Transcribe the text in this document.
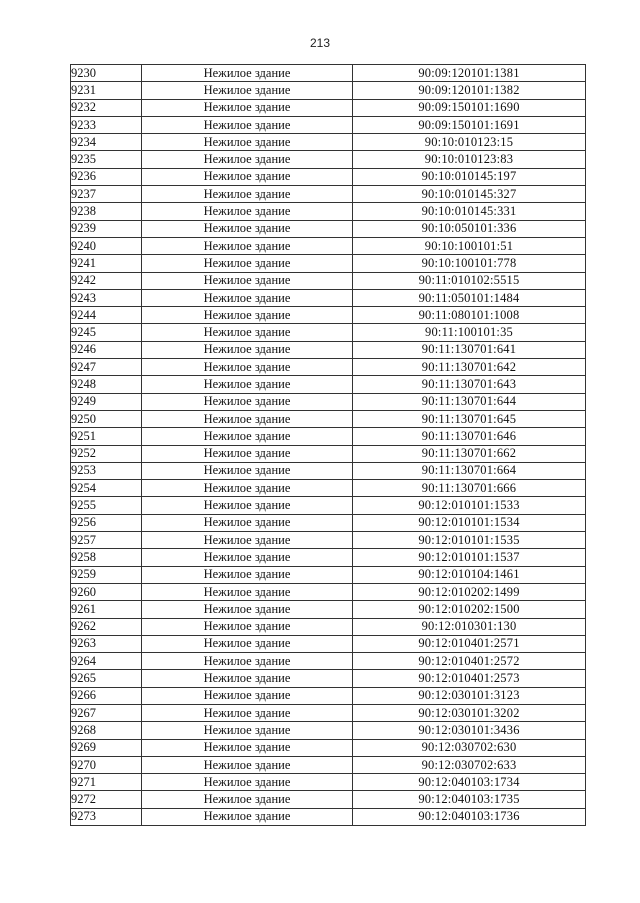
213
9230	Нежилое здание	90:09:120101:1381
9231	Нежилое здание	90:09:120101:1382
9232	Нежилое здание	90:09:150101:1690
9233	Нежилое здание	90:09:150101:1691
9234	Нежилое здание	90:10:010123:15
9235	Нежилое здание	90:10:010123:83
9236	Нежилое здание	90:10:010145:197
9237	Нежилое здание	90:10:010145:327
9238	Нежилое здание	90:10:010145:331
9239	Нежилое здание	90:10:050101:336
9240	Нежилое здание	90:10:100101:51
9241	Нежилое здание	90:10:100101:778
9242	Нежилое здание	90:11:010102:5515
9243	Нежилое здание	90:11:050101:1484
9244	Нежилое здание	90:11:080101:1008
9245	Нежилое здание	90:11:100101:35
9246	Нежилое здание	90:11:130701:641
9247	Нежилое здание	90:11:130701:642
9248	Нежилое здание	90:11:130701:643
9249	Нежилое здание	90:11:130701:644
9250	Нежилое здание	90:11:130701:645
9251	Нежилое здание	90:11:130701:646
9252	Нежилое здание	90:11:130701:662
9253	Нежилое здание	90:11:130701:664
9254	Нежилое здание	90:11:130701:666
9255	Нежилое здание	90:12:010101:1533
9256	Нежилое здание	90:12:010101:1534
9257	Нежилое здание	90:12:010101:1535
9258	Нежилое здание	90:12:010101:1537
9259	Нежилое здание	90:12:010104:1461
9260	Нежилое здание	90:12:010202:1499
9261	Нежилое здание	90:12:010202:1500
9262	Нежилое здание	90:12:010301:130
9263	Нежилое здание	90:12:010401:2571
9264	Нежилое здание	90:12:010401:2572
9265	Нежилое здание	90:12:010401:2573
9266	Нежилое здание	90:12:030101:3123
9267	Нежилое здание	90:12:030101:3202
9268	Нежилое здание	90:12:030101:3436
9269	Нежилое здание	90:12:030702:630
9270	Нежилое здание	90:12:030702:633
9271	Нежилое здание	90:12:040103:1734
9272	Нежилое здание	90:12:040103:1735
9273	Нежилое здание	90:12:040103:1736
